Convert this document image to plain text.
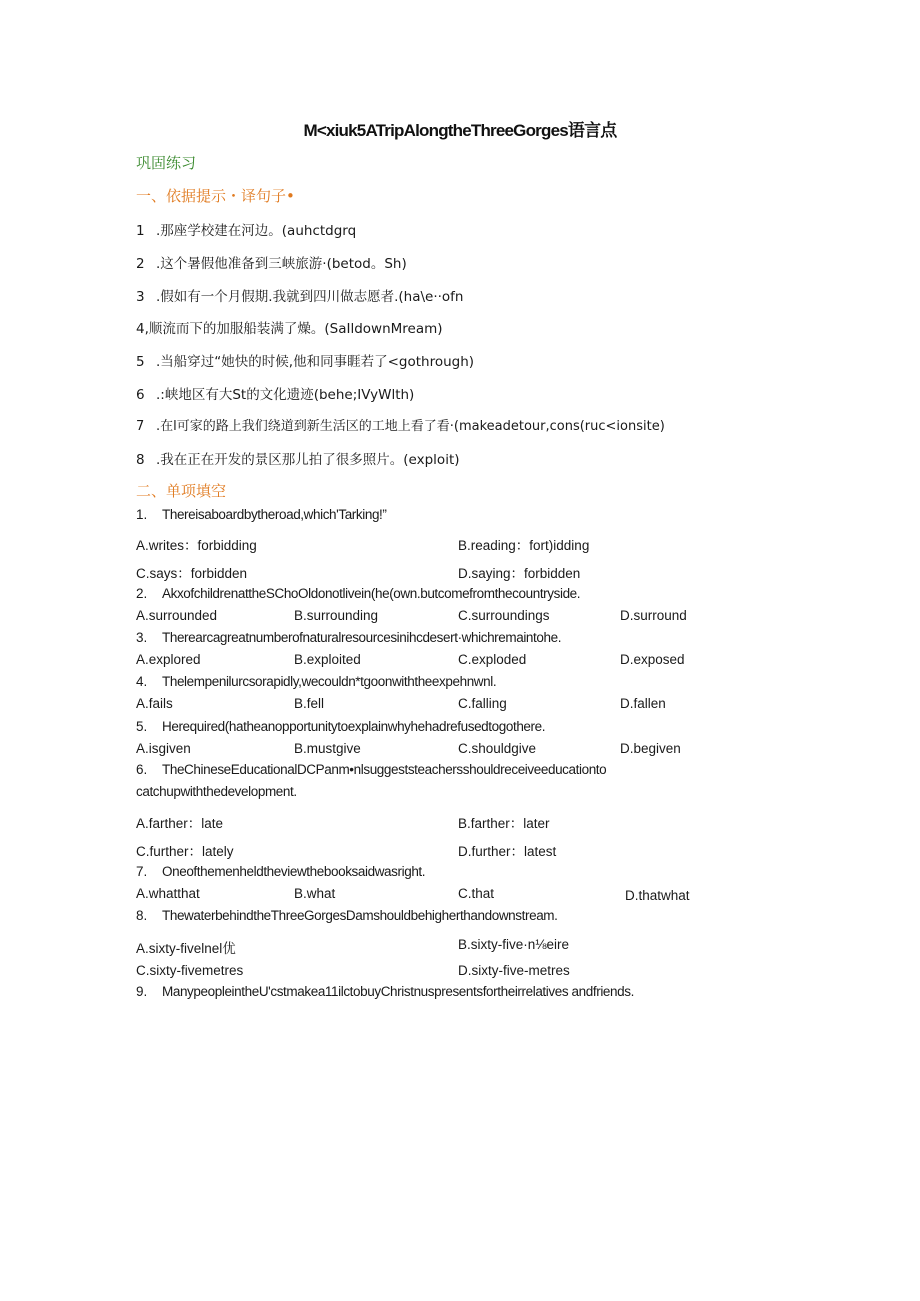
M<xiuk5ATripAlongtheThreeGorges语言点
巩固练习
一、依据提示・译句子•
1 .那座学校建在河边。(auhctdgrq
2 .这个暑假他准备到三峡旅游·(betod。Sh)
3 .假如有一个月假期.我就到四川做志愿者.(ha\e··ofn
4,顺流而下的加服船装满了燥。(SaIldownMream)
5 .当船穿过“她快的时候,他和同事睚若了<gothrough)
6 .:峡地区有大St的文化遗迹(behe;IVyWlth)
7 .在l可家的路上我们绕道到新生活区的工地上看了看·(makeadetour,cons(ruc<ionsite)
8 .我在正在开发的景区那儿拍了很多照片。(exploit)
二、单项填空
1. Thereisaboardbytheroad,which'Tarking!”
A.writes：forbidding	B.reading：fort)idding
C.says：forbidden	D.saying：forbidden
2. AkxofchildrenattheSChoOldonotlivein(he(own.butcomefromthecountryside.
A.surrounded	B.surrounding	C.surroundings	D.surround
3. Therearcagreatnumberofnaturalresourcesinihcdesert·whichremaintohe.
A.explored	B.exploited	C.exploded	D.exposed
4. Thelempenilurcsorapidly,wecouldn*tgoonwiththeexpehnwnl.
A.fails	B.fell	C.falling	D.fallen
5. Herequired(hatheanopportunitytoexplainwhyhehadrefusedtogothere.
A.isgiven	B.mustgive	C.shouldgive	D.begiven
6. TheChineseEducationalDCPanm•nlsuggeststeachersshouldreceiveeducationto catchupwiththedevelopment.
A.farther：late	B.farther：later
C.further：lately	D.further：latest
7. Oneofthemenheldtheviewthebooksaidwasright.
A.whatthat	B.what	C.that	D.thatwhat
8. ThewaterbehindtheThreeGorgesDamshouldbehigherthandownstream.
A.sixty-fivelnel优	B.sixty-five·n⅛eire
C.sixty-fivemetres	D.sixty-five-metres
9. ManypeopleintheU'cstmakea11ilctobuyChristnuspresentsfortheirrelatives andfriends.
